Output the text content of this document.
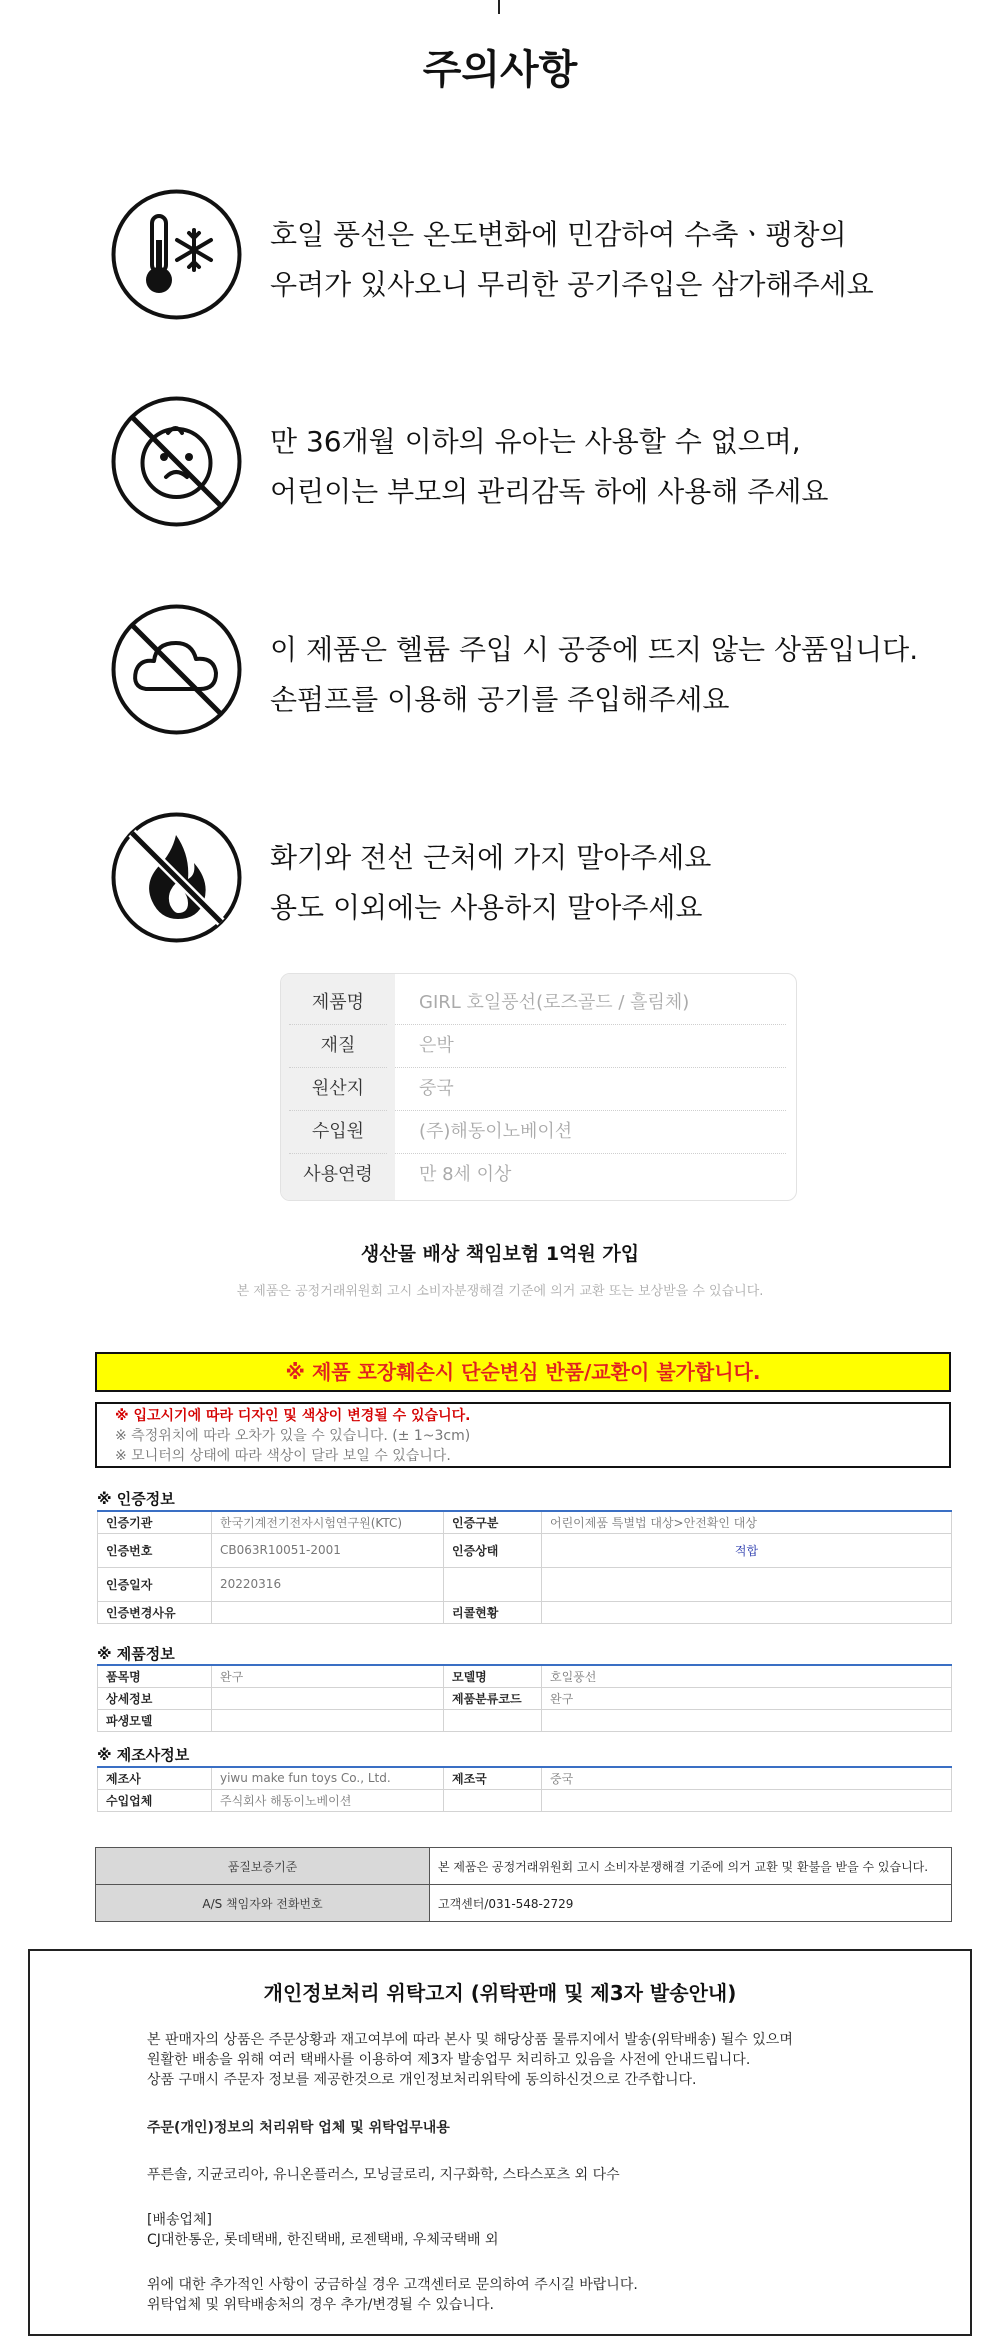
주의사항
호일 풍선은 온도변화에 민감하여 수축ㆍ팽창의
우려가 있사오니 무리한 공기주입은 삼가해주세요
만 36개월 이하의 유아는 사용할 수 없으며,
어린이는 부모의 관리감독 하에 사용해 주세요
이 제품은 헬륨 주입 시 공중에 뜨지 않는 상품입니다.
손펌프를 이용해 공기를 주입해주세요
화기와 전선 근처에 가지 말아주세요
용도 이외에는 사용하지 말아주세요
제품명	GIRL 호일풍선(로즈골드 / 흘림체)
재질	은박
원산지	중국
수입원	(주)해동이노베이션
사용연령	만 8세 이상
생산물 배상 책임보험 1억원 가입
본 제품은 공정거래위원회 고시 소비자분쟁해결 기준에 의거 교환 또는 보상받을 수 있습니다.
※ 제품 포장훼손시 단순변심 반품/교환이 불가합니다.
※ 입고시기에 따라 디자인 및 색상이 변경될 수 있습니다.
※ 측정위치에 따라 오차가 있을 수 있습니다. (± 1~3cm)
※ 모니터의 상태에 따라 색상이 달라 보일 수 있습니다.
※ 인증정보
인증기관	한국기계전기전자시험연구원(KTC)	인증구분	어린이제품 특별법 대상>안전확인 대상
인증번호	CB063R10051-2001	인증상태	적합
인증일자	20220316		
인증변경사유		리콜현황	
※ 제품정보
품목명	완구	모델명	호일풍선
상세정보		제품분류코드	완구
파생모델			
※ 제조사정보
제조사	yiwu make fun toys Co., Ltd.	제조국	중국
수입업체	주식회사 해동이노베이션		
품질보증기준	본 제품은 공정거래위원회 고시 소비자분쟁해결 기준에 의거 교환 및 환불을 받을 수 있습니다.
A/S 책임자와 전화번호	고객센터/031-548-2729
개인정보처리 위탁고지 (위탁판매 및 제3자 발송안내)
본 판매자의 상품은 주문상황과 재고여부에 따라 본사 및 해당상품 물류지에서 발송(위탁배송) 될수 있으며
원활한 배송을 위해 여러 택배사를 이용하여 제3자 발송업무 처리하고 있음을 사전에 안내드립니다.
상품 구매시 주문자 정보를 제공한것으로 개인정보처리위탁에 동의하신것으로 간주합니다.
주문(개인)정보의 처리위탁 업체 및 위탁업무내용
푸른솔, 지균코리아, 유니온플러스, 모닝글로리, 지구화학, 스타스포츠 외 다수
[배송업체]
CJ대한통운, 롯데택배, 한진택배, 로젠택배, 우체국택배 외
위에 대한 추가적인 사항이 궁금하실 경우 고객센터로 문의하여 주시길 바랍니다.
위탁업체 및 위탁배송처의 경우 추가/변경될 수 있습니다.
